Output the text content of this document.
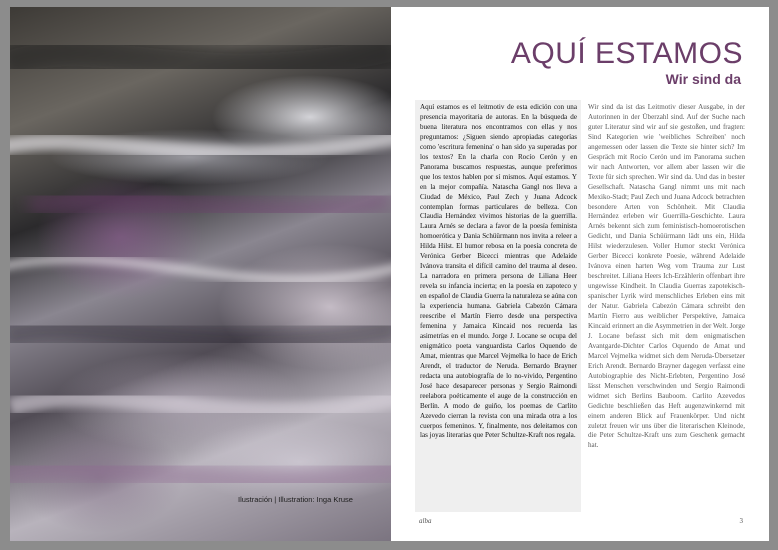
Ilustración | Illustration: Inga Kruse
AQUÍ ESTAMOS
Wir sind da

Aquí estamos es el leitmotiv de esta edición con una presencia mayoritaria de autoras. En la búsqueda de buena literatura nos encontramos con ellas y nos preguntamos: ¿Siguen siendo apropiadas categorías como 'escritura femenina' o han sido ya superadas por los textos? En la charla con Rocío Cerón y en Panorama buscamos respuestas, aunque preferimos que los textos hablen por sí mismos. Aquí estamos. Y en la mejor compañía. Natascha Gangl nos lleva a Ciudad de México, Paul Zech y Juana Adcock contemplan formas particulares de belleza. Con Claudia Hernández vivimos historias de la guerrilla. Laura Arnés se declara a favor de la poesía feminista homoerótica y Dania Schüürmann nos invita a releer a Hilda Hilst. El humor rebosa en la poesía concreta de Verónica Gerber Bicecci mientras que Adelaide Ivánova transita el difícil camino del trauma al deseo. La narradora en primera persona de Liliana Heer revela su infancia incierta; en la poesía en zapoteco y en español de Claudia Guerra la naturaleza se aúna con la experiencia humana. Gabriela Cabezón Cámara reescribe el Martín Fierro desde una perspectiva femenina y Jamaica Kincaid nos recuerda las asimetrías en el mundo. Jorge J. Locane se ocupa del enigmático poeta vanguardista Carlos Oquendo de Amat, mientras que Marcel Vejmelka lo hace de Erich Arendt, el traductor de Neruda. Bernardo Brayner redacta una autobiografía de lo no-vivido, Pergentino José hace desaparecer personas y Sergio Raimondi reelabora poéticamente el auge de la construcción en Berlín. A modo de guiño, los poemas de Carlito Azevedo cierran la revista con una mirada otra a los cuerpos femeninos. Y, finalmente, nos deleitamos con las joyas literarias que Peter Schultze-Kraft nos regala.

Wir sind da ist das Leitmotiv dieser Ausgabe, in der Autorinnen in der Überzahl sind. Auf der Suche nach guter Literatur sind wir auf sie gestoßen, und fragten: Sind Kategorien wie 'weibliches Schreiben' noch angemessen oder lassen die Texte sie hinter sich? Im Gespräch mit Rocío Cerón und im Panorama suchen wir nach Antworten, vor allem aber lassen wir die Texte für sich sprechen. Wir sind da. Und das in bester Gesellschaft. Natascha Gangl nimmt uns mit nach Mexiko-Stadt; Paul Zech und Juana Adcock betrachten besondere Arten von Schönheit. Mit Claudia Hernández erleben wir Guerrilla-Geschichte. Laura Arnés bekennt sich zum feministisch-homoerotischen Gedicht, und Dania Schüürmann lädt uns ein, Hilda Hilst wiederzulesen. Voller Humor steckt Verónica Gerber Bicecci konkrete Poesie, während Adelaide Ivánova einen harten Weg vom Trauma zur Lust beschreitet. Liliana Heers Ich-Erzählerin offenbart ihre ungewisse Kindheit. In Claudia Guerras zapotekisch-spanischer Lyrik wird menschliches Erleben eins mit der Natur. Gabriela Cabezón Cámara schreibt den Martín Fierro aus weiblicher Perspektive, Jamaica Kincaid erinnert an die Asymmetrien in der Welt. Jorge J. Locane befasst sich mit dem enigmatischen Avantgarde-Dichter Carlos Oquendo de Amat und Marcel Vejmelka widmet sich dem Neruda-Übersetzer Erich Arendt. Bernardo Brayner dagegen verfasst eine Autobiographie des Nicht-Erlebten, Pergentino José lässt Menschen verschwinden und Sergio Raimondi widmet sich Berlins Bauboom. Carlito Azevedos Gedichte beschließen das Heft augenzwinkernd mit einem anderen Blick auf Frauenkörper. Und nicht zuletzt freuen wir uns über die literarischen Kleinode, die Peter Schultze-Kraft uns zum Geschenk gemacht hat.

alba	3
